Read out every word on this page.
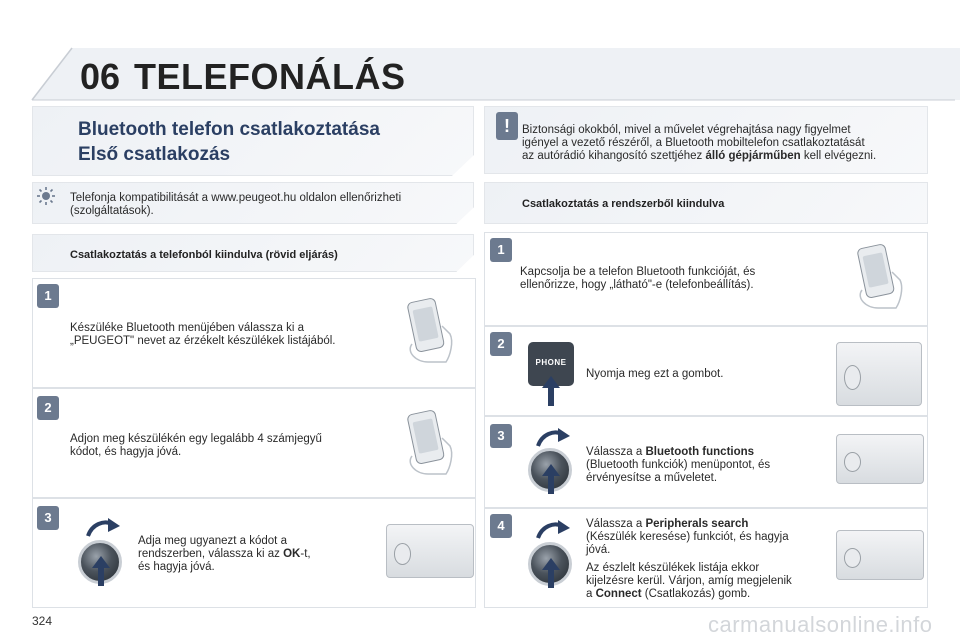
06 TELEFONÁLÁS
Bluetooth telefon csatlakoztatása
Első csatlakozás
!	Biztonsági okokból, mivel a művelet végrehajtása nagy figyelmet
igényel a vezető részéről, a Bluetooth mobiltelefon csatlakoztatását
az autórádió kihangosító szettjéhez álló gépjárműben kell elvégezni.
Telefonja kompatibilitását a www.peugeot.hu oldalon ellenőrizheti
(szolgáltatások).
Csatlakoztatás a telefonból kiindulva (rövid eljárás)
Csatlakoztatás a rendszerből kiindulva
1
Készüléke Bluetooth menüjében válassza ki a
„PEUGEOT" nevet az érzékelt készülékek listájából.
2
Adjon meg készülékén egy legalább 4 számjegyű
kódot, és hagyja jóvá.
3
Adja meg ugyanezt a kódot a
rendszerben, válassza ki az OK-t,
és hagyja jóvá.
1
Kapcsolja be a telefon Bluetooth funkcióját, és
ellenőrizze, hogy „látható"-e (telefonbeállítás).
2
PHONE
Nyomja meg ezt a gombot.
3
Válassza a Bluetooth functions
(Bluetooth funkciók) menüpontot, és
érvényesítse a műveletet.
4	Válassza a Peripherals search
(Készülék keresése) funkciót, és hagyja
jóvá.
Az észlelt készülékek listája ekkor
kijelzésre kerül. Várjon, amíg megjelenik
a Connect (Csatlakozás) gomb.
324	carmanualsonline.info
